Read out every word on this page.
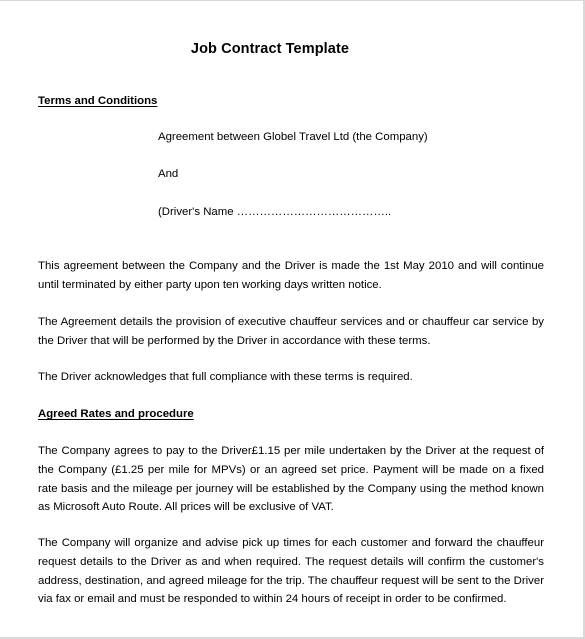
Job Contract Template
Terms and Conditions
Agreement between Globel Travel Ltd (the Company)
And
(Driver's Name …………………………………..
This agreement between the Company and the Driver is made the 1st May 2010 and will continue until terminated by either party upon ten working days written notice.
The Agreement details the provision of executive chauffeur services and or chauffeur car service by the Driver that will be performed by the Driver in accordance with these terms.
The Driver acknowledges that full compliance with these terms is required.
Agreed Rates and procedure
The Company agrees to pay to the Driver£1.15 per mile undertaken by the Driver at the request of the Company (£1.25 per mile for MPVs) or an agreed set price. Payment will be made on a fixed rate basis and the mileage per journey will be established by the Company using the method known as Microsoft Auto Route. All prices will be exclusive of VAT.
The Company will organize and advise pick up times for each customer and forward the chauffeur request details to the Driver as and when required. The request details will confirm the customer's address, destination, and agreed mileage for the trip. The chauffeur request will be sent to the Driver via fax or email and must be responded to within 24 hours of receipt in order to be confirmed.
